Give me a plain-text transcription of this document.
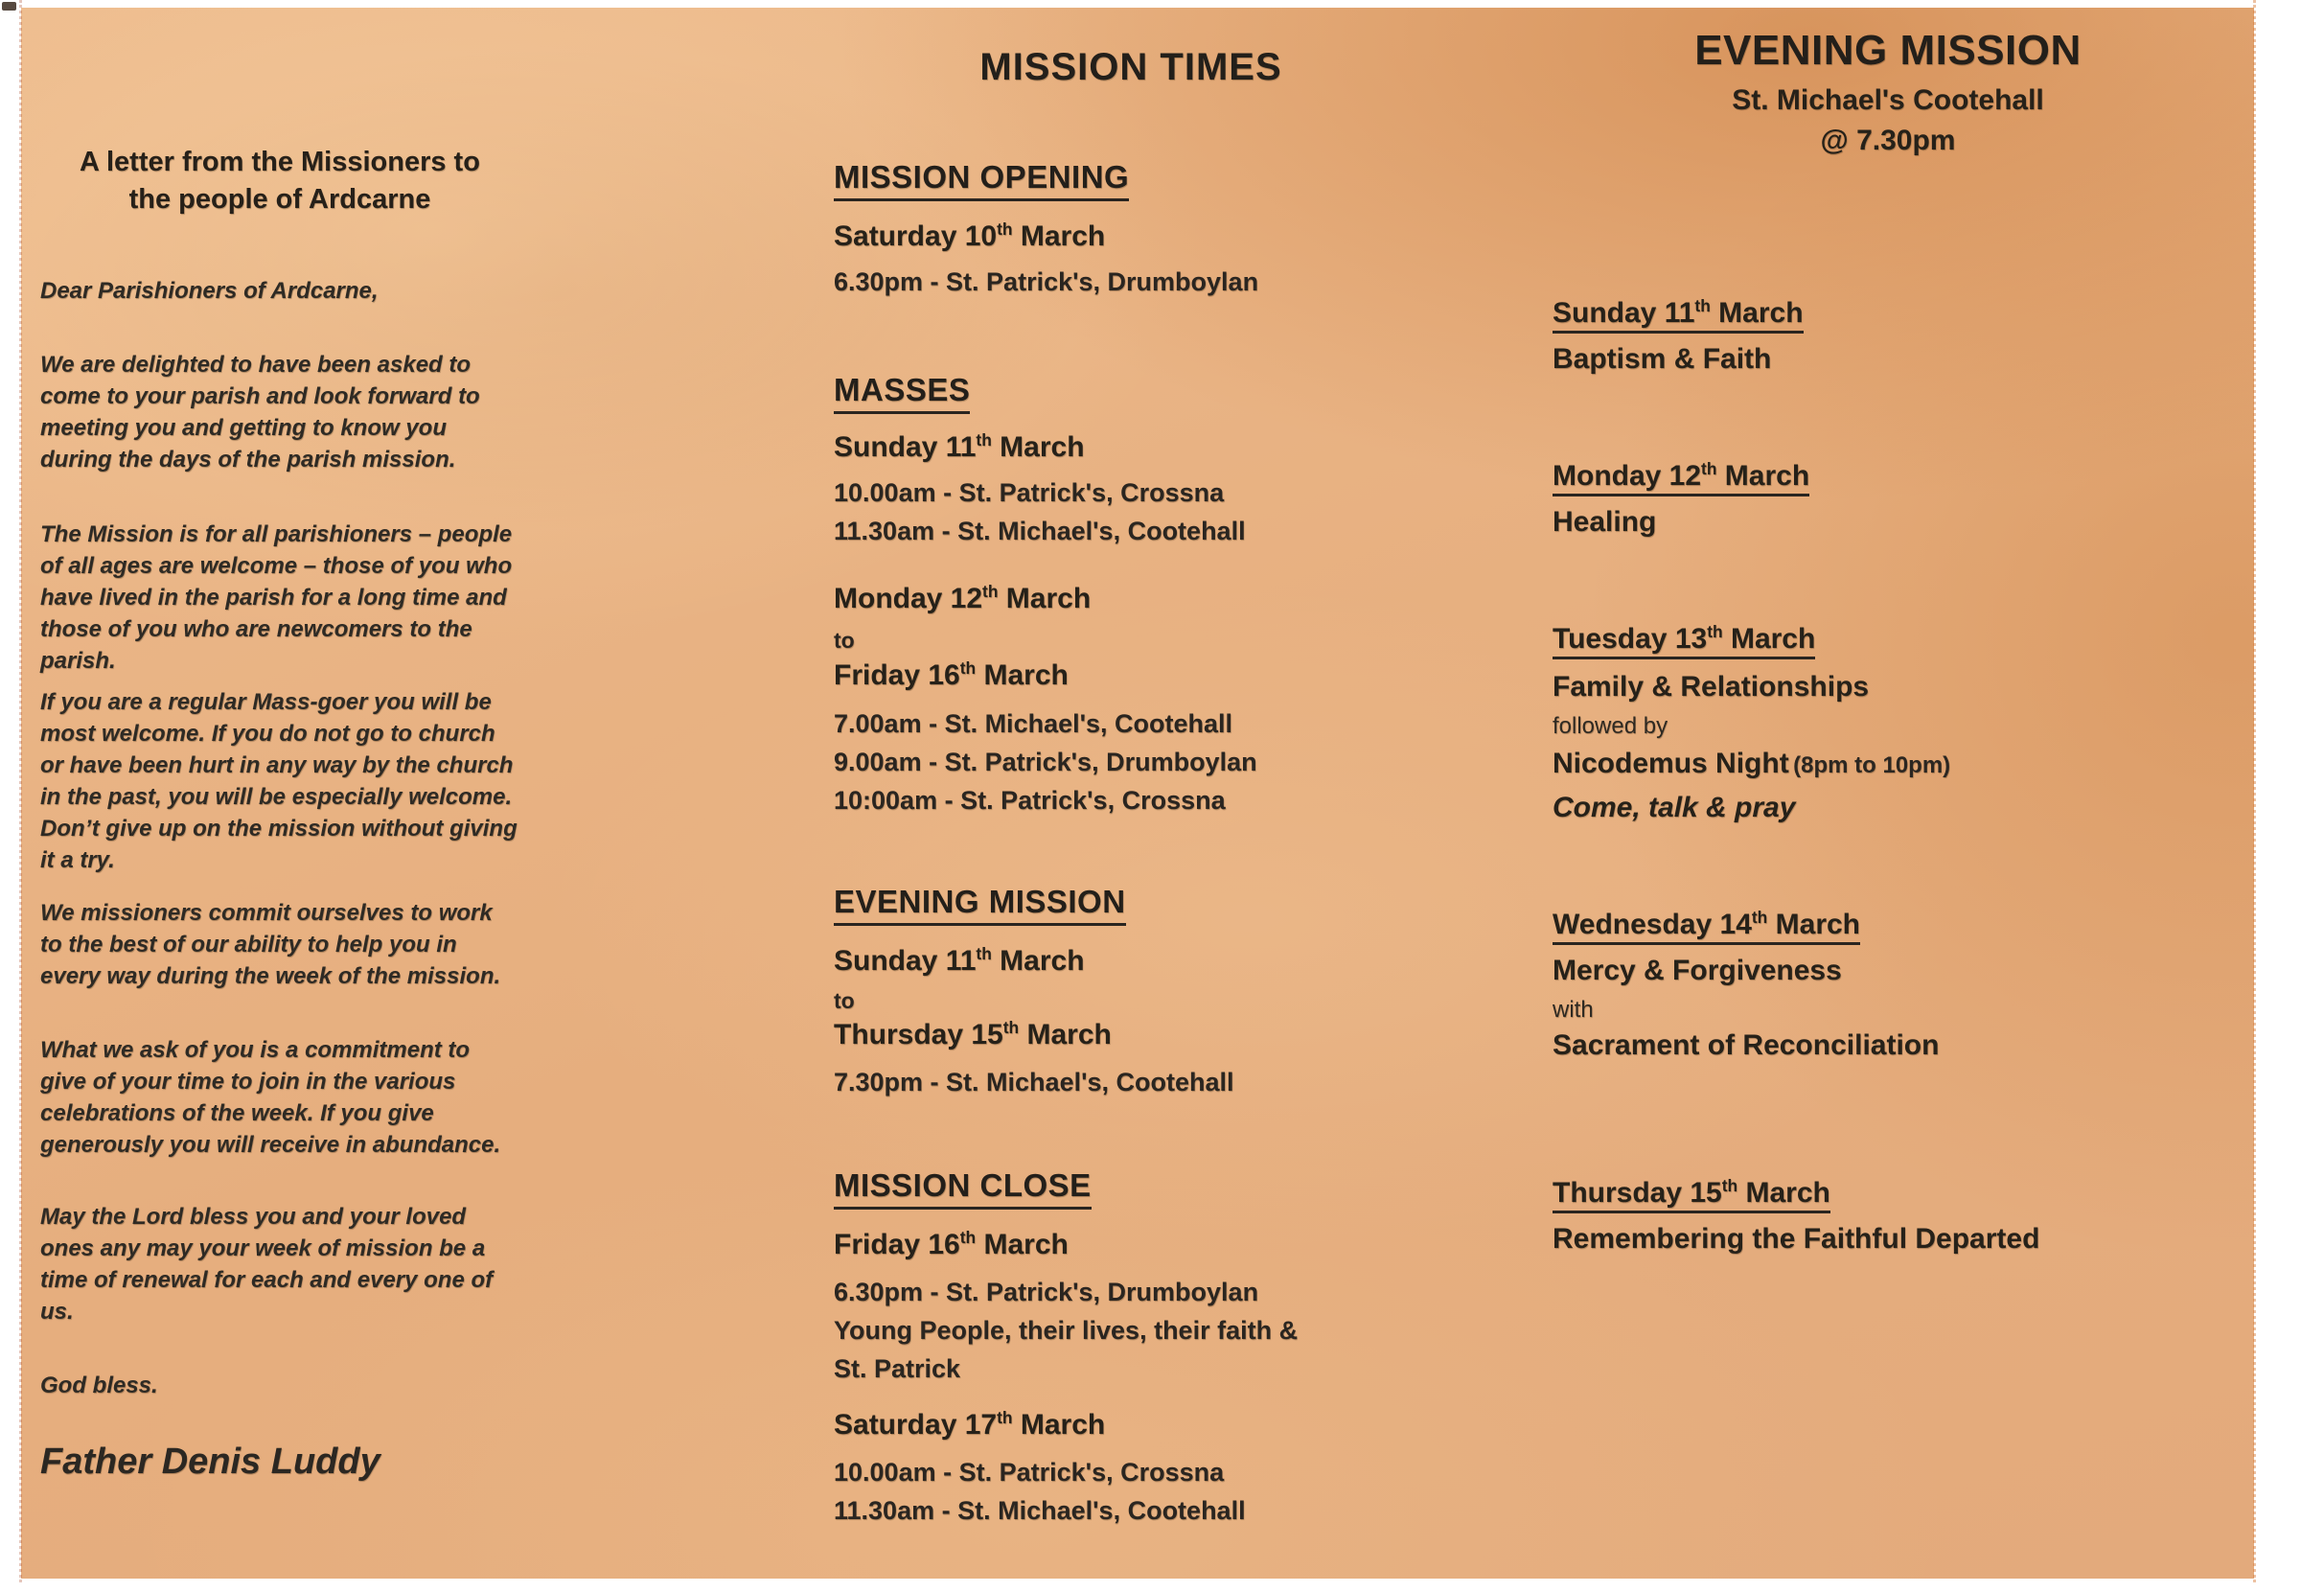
A letter from the Missioners to
the people of Ardcarne
Dear Parishioners of Ardcarne,
We are delighted to have been asked to come to your parish and look forward to meeting you and getting to know you during the days of the parish mission.
The Mission is for all parishioners – people of all ages are welcome – those of you who have lived in the parish for a long time and those of you who are newcomers to the parish.
If you are a regular Mass-goer you will be most welcome. If you do not go to church or have been hurt in any way by the church in the past, you will be especially welcome. Don’t give up on the mission without giving it a try.
We missioners commit ourselves to work to the best of our ability to help you in every way during the week of the mission.
What we ask of you is a commitment to give of your time to join in the various celebrations of the week. If you give generously you will receive in abundance.
May the Lord bless you and your loved ones any may your week of mission be a time of renewal for each and every one of us.
God bless.
Father Denis Luddy
MISSION TIMES
MISSION OPENING
Saturday 10th March
6.30pm - St. Patrick's, Drumboylan
MASSES
Sunday 11th March
10.00am - St. Patrick's, Crossna
11.30am - St. Michael's, Cootehall
Monday 12th March
to
Friday 16th March
7.00am - St. Michael's, Cootehall
9.00am - St. Patrick's, Drumboylan
10:00am - St. Patrick's, Crossna
EVENING MISSION
Sunday 11th March
to
Thursday 15th March
7.30pm - St. Michael's, Cootehall
MISSION CLOSE
Friday 16th March
6.30pm - St. Patrick's, Drumboylan
Young People, their lives, their faith &
St. Patrick
Saturday 17th March
10.00am - St. Patrick's, Crossna
11.30am - St. Michael's, Cootehall
EVENING MISSION
St. Michael's Cootehall
@ 7.30pm
Sunday 11th March
Baptism & Faith
Monday 12th March
Healing
Tuesday 13th March
Family & Relationships
followed by
Nicodemus Night (8pm to 10pm)
Come, talk & pray
Wednesday 14th March
Mercy & Forgiveness
with
Sacrament of Reconciliation
Thursday 15th March
Remembering the Faithful Departed
